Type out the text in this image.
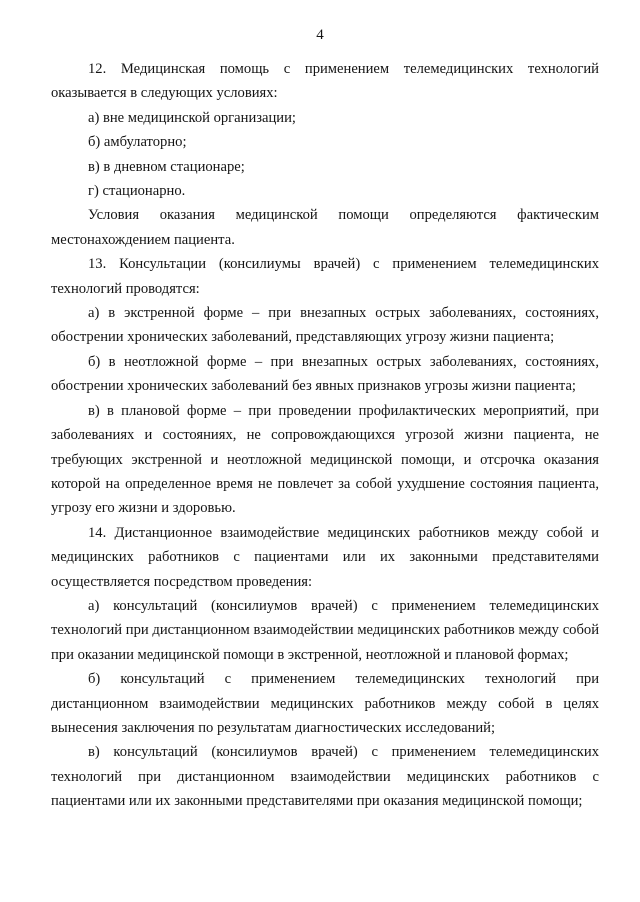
4

12. Медицинская помощь с применением телемедицинских технологий
оказывается в следующих условиях:

а) вне медицинской организации;

б) амбулаторно;

в) в дневном стационаре;

г) стационарно.

Условия оказания медицинской помощи определяются фактическим
местонахождением пациента.

13. Консультации (консилиумы врачей) с применением телемедицинских
технологий проводятся:

а) в экстренной форме – при внезапных острых заболеваниях, состояниях, обострении хронических заболеваний, представляющих угрозу жизни пациента;

б) в неотложной форме – при внезапных острых заболеваниях, состояниях, обострении хронических заболеваний без явных признаков угрозы жизни пациента;

в) в плановой форме – при проведении профилактических мероприятий, при заболеваниях и состояниях, не сопровождающихся угрозой жизни пациента, не требующих экстренной и неотложной медицинской помощи, и отсрочка оказания которой на определенное время не повлечет за собой ухудшение состояния пациента, угрозу его жизни и здоровью.

14. Дистанционное взаимодействие медицинских работников между собой и медицинских работников с пациентами или их законными представителями осуществляется посредством проведения:

а) консультаций (консилиумов врачей) с применением телемедицинских технологий при дистанционном взаимодействии медицинских работников между собой при оказании медицинской помощи в экстренной, неотложной и плановой формах;

б) консультаций с применением телемедицинских технологий при дистанционном взаимодействии медицинских работников между собой в целях вынесения заключения по результатам диагностических исследований;

в) консультаций (консилиумов врачей) с применением телемедицинских технологий при дистанционном взаимодействии медицинских работников с пациентами или их законными представителями при оказания медицинской помощи;
